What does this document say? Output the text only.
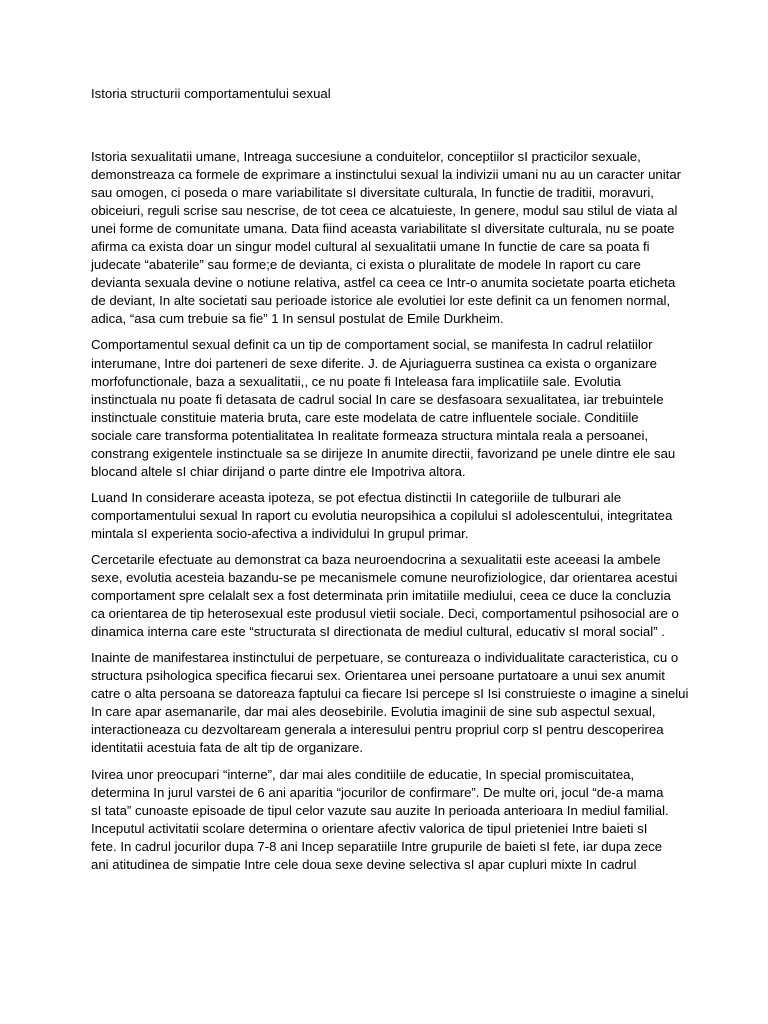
Istoria structurii comportamentului sexual

Istoria sexualitatii umane, Intreaga succesiune a conduitelor, conceptiilor sI practicilor sexuale,
demonstreaza ca formele de exprimare a instinctului sexual la indivizii umani nu au un caracter unitar
sau omogen, ci poseda o mare variabilitate sI diversitate culturala, In functie de traditii, moravuri,
obiceiuri, reguli scrise sau nescrise, de tot ceea ce alcatuieste, In genere, modul sau stilul de viata al
unei forme de comunitate umana. Data fiind aceasta variabilitate sI diversitate culturala, nu se poate
afirma ca exista doar un singur model cultural al sexualitatii umane In functie de care sa poata fi
judecate “abaterile” sau forme;e de devianta, ci exista o pluralitate de modele In raport cu care
devianta sexuala devine o notiune relativa, astfel ca ceea ce Intr-o anumita societate poarta eticheta
de deviant, In alte societati sau perioade istorice ale evolutiei lor este definit ca un fenomen normal,
adica, “asa cum trebuie sa fie” 1 In sensul postulat de Emile Durkheim.

Comportamentul sexual definit ca un tip de comportament social, se manifesta In cadrul relatiilor
interumane, Intre doi parteneri de sexe diferite. J. de Ajuriaguerra sustinea ca exista o organizare
morfofunctionale, baza a sexualitatii,, ce nu poate fi Inteleasa fara implicatiile sale. Evolutia
instinctuala nu poate fi detasata de cadrul social In care se desfasoara sexualitatea, iar trebuintele
instinctuale constituie materia bruta, care este modelata de catre influentele sociale. Conditiile
sociale care transforma potentialitatea In realitate formeaza structura mintala reala a persoanei,
constrang exigentele instinctuale sa se dirijeze In anumite directii, favorizand pe unele dintre ele sau
blocand altele sI chiar dirijand o parte dintre ele Impotriva altora.

Luand In considerare aceasta ipoteza, se pot efectua distinctii In categoriile de tulburari ale
comportamentului sexual In raport cu evolutia neuropsihica a copilului sI adolescentului, integritatea
mintala sI experienta socio-afectiva a individului In grupul primar.

Cercetarile efectuate au demonstrat ca baza neuroendocrina a sexualitatii este aceeasi la ambele
sexe, evolutia acesteia bazandu-se pe mecanismele comune neurofiziologice, dar orientarea acestui
comportament spre celalalt sex a fost determinata prin imitatiile mediului, ceea ce duce la concluzia
ca orientarea de tip heterosexual este produsul vietii sociale. Deci, comportamentul psihosocial are o
dinamica interna care este “structurata sI directionata de mediul cultural, educativ sI moral social” .

Inainte de manifestarea instinctului de perpetuare, se contureaza o individualitate caracteristica, cu o
structura psihologica specifica fiecarui sex. Orientarea unei persoane purtatoare a unui sex anumit
catre o alta persoana se datoreaza faptului ca fiecare Isi percepe sI Isi construieste o imagine a sinelui
In care apar asemanarile, dar mai ales deosebirile. Evolutia imaginii de sine sub aspectul sexual,
interactioneaza cu dezvoltaream generala a interesului pentru propriul corp sI pentru descoperirea
identitatii acestuia fata de alt tip de organizare.

Ivirea unor preocupari “interne”, dar mai ales conditiile de educatie, In special promiscuitatea,
determina In jurul varstei de 6 ani aparitia “jocurilor de confirmare”. De multe ori, jocul “de-a mama
sI tata” cunoaste episoade de tipul celor vazute sau auzite In perioada anterioara In mediul familial.
Inceputul activitatii scolare determina o orientare afectiv valorica de tipul prieteniei Intre baieti sI
fete. In cadrul jocurilor dupa 7-8 ani Incep separatiile Intre grupurile de baieti sI fete, iar dupa zece
ani atitudinea de simpatie Intre cele doua sexe devine selectiva sI apar cupluri mixte In cadrul
